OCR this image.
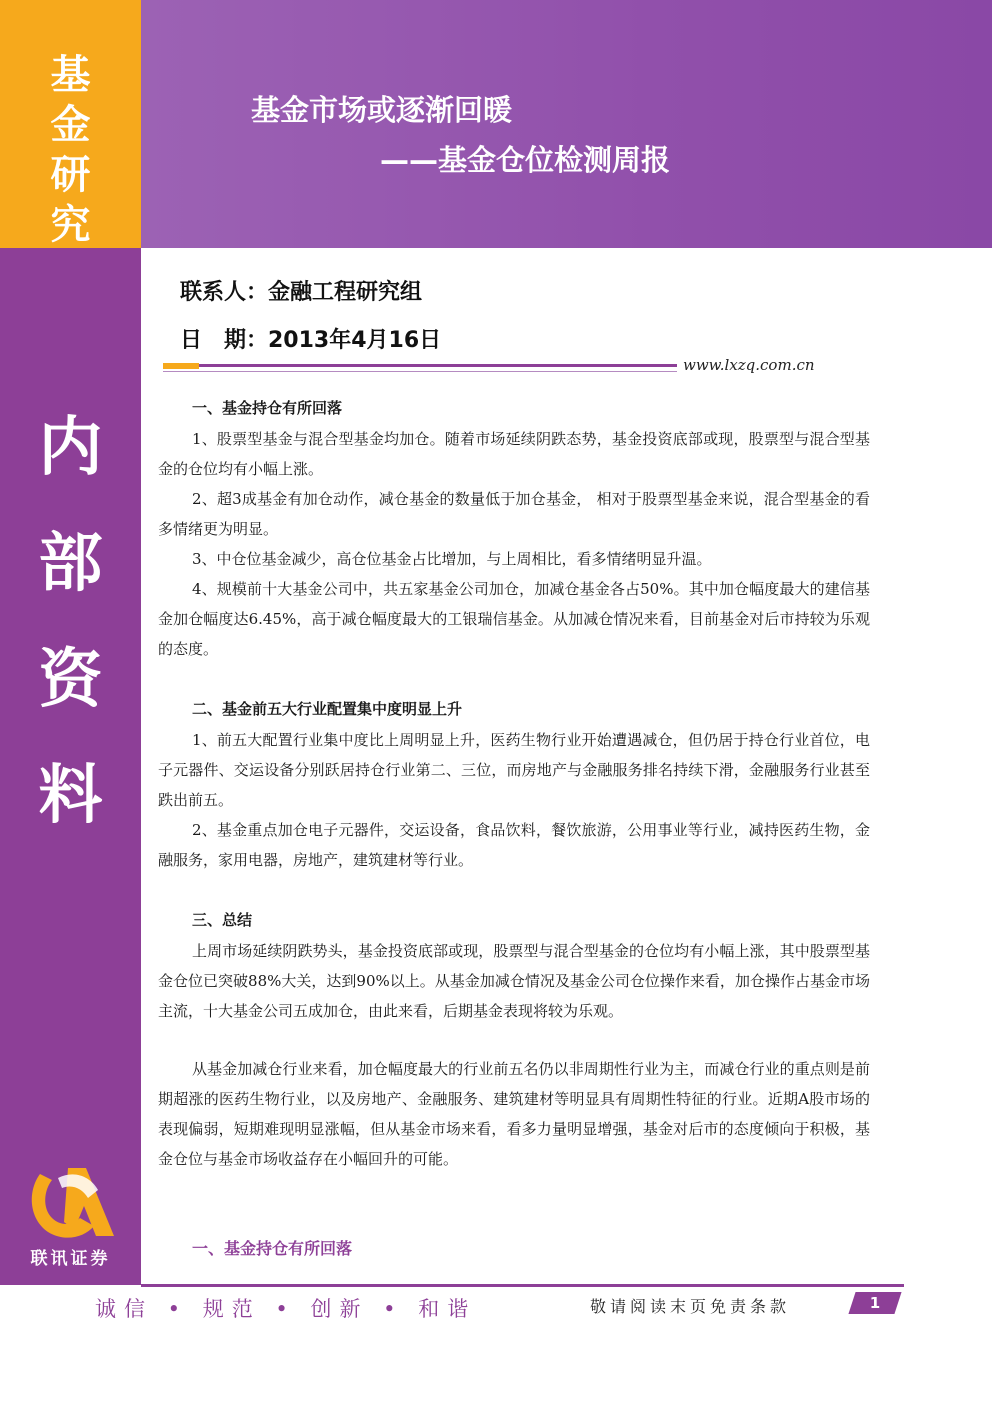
基
金
研
究
内
部
资
料
联讯证券
基金市场或逐渐回暖
——基金仓位检测周报
联系人：金融工程研究组
日　期：2013年4月16日
www.lxzq.com.cn
一、基金持仓有所回落

1、股票型基金与混合型基金均加仓。随着市场延续阴跌态势，基金投资底部或现，股票型与混合型基金的仓位均有小幅上涨。

2、超3成基金有加仓动作，减仓基金的数量低于加仓基金， 相对于股票型基金来说，混合型基金的看多情绪更为明显。

3、中仓位基金减少，高仓位基金占比增加，与上周相比，看多情绪明显升温。

4、规模前十大基金公司中，共五家基金公司加仓，加减仓基金各占50%。其中加仓幅度最大的建信基金加仓幅度达6.45%，高于减仓幅度最大的工银瑞信基金。从加减仓情况来看，目前基金对后市持较为乐观的态度。

二、基金前五大行业配置集中度明显上升

1、前五大配置行业集中度比上周明显上升，医药生物行业开始遭遇减仓，但仍居于持仓行业首位，电子元器件、交运设备分别跃居持仓行业第二、三位，而房地产与金融服务排名持续下滑，金融服务行业甚至跌出前五。

2、基金重点加仓电子元器件，交运设备，食品饮料，餐饮旅游，公用事业等行业，减持医药生物，金融服务，家用电器，房地产，建筑建材等行业。

三、总结

上周市场延续阴跌势头，基金投资底部或现，股票型与混合型基金的仓位均有小幅上涨，其中股票型基金仓位已突破88%大关，达到90%以上。从基金加减仓情况及基金公司仓位操作来看，加仓操作占基金市场主流，十大基金公司五成加仓，由此来看，后期基金表现将较为乐观。

从基金加减仓行业来看，加仓幅度最大的行业前五名仍以非周期性行业为主，而减仓行业的重点则是前期超涨的医药生物行业，以及房地产、金融服务、建筑建材等明显具有周期性特征的行业。近期A股市场的表现偏弱，短期难现明显涨幅，但从基金市场来看，看多力量明显增强，基金对后市的态度倾向于积极，基金仓位与基金市场收益存在小幅回升的可能。

一、基金持仓有所回落
诚信 • 规范 • 创新 • 和谐	敬请阅读末页免责条款	1
